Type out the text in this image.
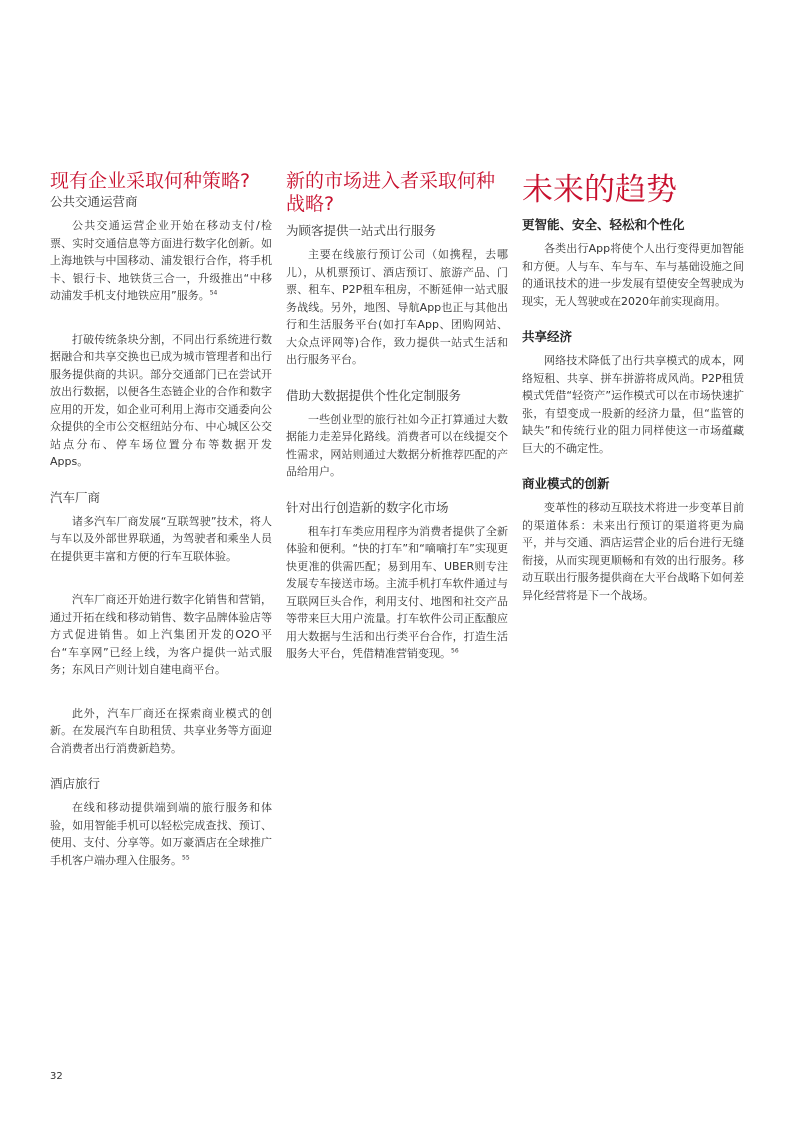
现有企业采取何种策略?
公共交通运营商

公共交通运营企业开始在移动支付/检票、实时交通信息等方面进行数字化创新。如上海地铁与中国移动、浦发银行合作，将手机卡、银行卡、地铁货三合一，升级推出“中移动浦发手机支付地铁应用”服务。$^{54}$

打破传统条块分割，不同出行系统进行数据融合和共享交换也已成为城市管理者和出行服务提供商的共识。部分交通部门已在尝试开放出行数据，以便各生态链企业的合作和数字应用的开发，如企业可利用上海市交通委向公众提供的全市公交枢纽站分布、中心城区公交站点分布、停车场位置分布等数据开发Apps。

汽车厂商

诸多汽车厂商发展“互联驾驶”技术，将人与车以及外部世界联通，为驾驶者和乘坐人员在提供更丰富和方便的行车互联体验。

汽车厂商还开始进行数字化销售和营销，通过开拓在线和移动销售、数字品牌体验店等方式促进销售。如上汽集团开发的O2O平台“车享网”已经上线，为客户提供一站式服务；东风日产则计划自建电商平台。

此外，汽车厂商还在探索商业模式的创新。在发展汽车自助租赁、共享业务等方面迎合消费者出行消费新趋势。

酒店旅行

在线和移动提供端到端的旅行服务和体验，如用智能手机可以轻松完成查找、预订、使用、支付、分享等。如万豪酒店在全球推广手机客户端办理入住服务。$^{55}$

新的市场进入者采取何种战略?
为顾客提供一站式出行服务

主要在线旅行预订公司（如携程，去哪儿），从机票预订、酒店预订、旅游产品、门票、租车、P2P租车租房，不断延伸一站式服务战线。另外，地图、导航App也正与其他出行和生活服务平台(如打车App、团购网站、大众点评网等)合作，致力提供一站式生活和出行服务平台。

借助大数据提供个性化定制服务

一些创业型的旅行社如今正打算通过大数据能力走差异化路线。消费者可以在线提交个性需求，网站则通过大数据分析推荐匹配的产品给用户。

针对出行创造新的数字化市场

租车打车类应用程序为消费者提供了全新体验和便利。“快的打车”和“嘀嘀打车”实现更快更准的供需匹配；易到用车、UBER则专注发展专车接送市场。主流手机打车软件通过与互联网巨头合作，利用支付、地图和社交产品等带来巨大用户流量。打车软件公司正酝酿应用大数据与生活和出行类平台合作，打造生活服务大平台，凭借精准营销变现。$^{56}$

未来的趋势
更智能、安全、轻松和个性化

各类出行App将使个人出行变得更加智能和方便。人与车、车与车、车与基础设施之间的通讯技术的进一步发展有望使安全驾驶成为现实，无人驾驶或在2020年前实现商用。

共享经济

网络技术降低了出行共享模式的成本，网络短租、共享、拼车拼游将成风尚。P2P租赁模式凭借“轻资产”运作模式可以在市场快速扩张，有望变成一股新的经济力量，但“监管的缺失”和传统行业的阻力同样使这一市场蕴藏巨大的不确定性。

商业模式的创新

变革性的移动互联技术将进一步变革目前的渠道体系：未来出行预订的渠道将更为扁平，并与交通、酒店运营企业的后台进行无缝衔接，从而实现更顺畅和有效的出行服务。移动互联出行服务提供商在大平台战略下如何差异化经营将是下一个战场。

32
